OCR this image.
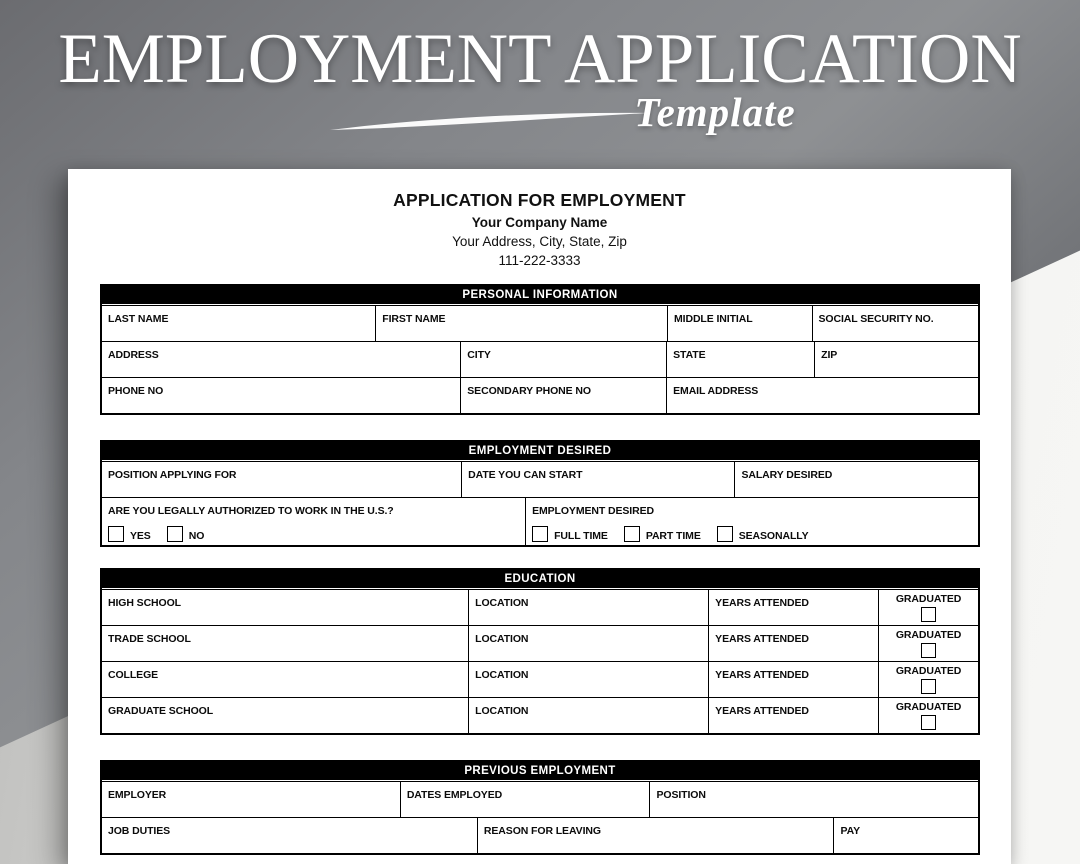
EMPLOYMENT APPLICATION
Template
APPLICATION FOR EMPLOYMENT
Your Company Name
Your Address, City, State, Zip
111-222-3333
PERSONAL INFORMATION
LAST NAME	FIRST NAME	MIDDLE INITIAL	SOCIAL SECURITY NO.
ADDRESS	CITY	STATE	ZIP
PHONE NO	SECONDARY PHONE NO	EMAIL ADDRESS
EMPLOYMENT DESIRED
POSITION APPLYING FOR	DATE YOU CAN START	SALARY DESIRED
ARE YOU LEGALLY AUTHORIZED TO WORK IN THE U.S.?
YES	NO
EMPLOYMENT DESIRED
FULL TIME	PART TIME	SEASONALLY
EDUCATION
HIGH SCHOOL	LOCATION	YEARS ATTENDED	GRADUATED
TRADE SCHOOL	LOCATION	YEARS ATTENDED	GRADUATED
COLLEGE	LOCATION	YEARS ATTENDED	GRADUATED
GRADUATE SCHOOL	LOCATION	YEARS ATTENDED	GRADUATED
PREVIOUS EMPLOYMENT
EMPLOYER	DATES EMPLOYED	POSITION
JOB DUTIES	REASON FOR LEAVING	PAY
